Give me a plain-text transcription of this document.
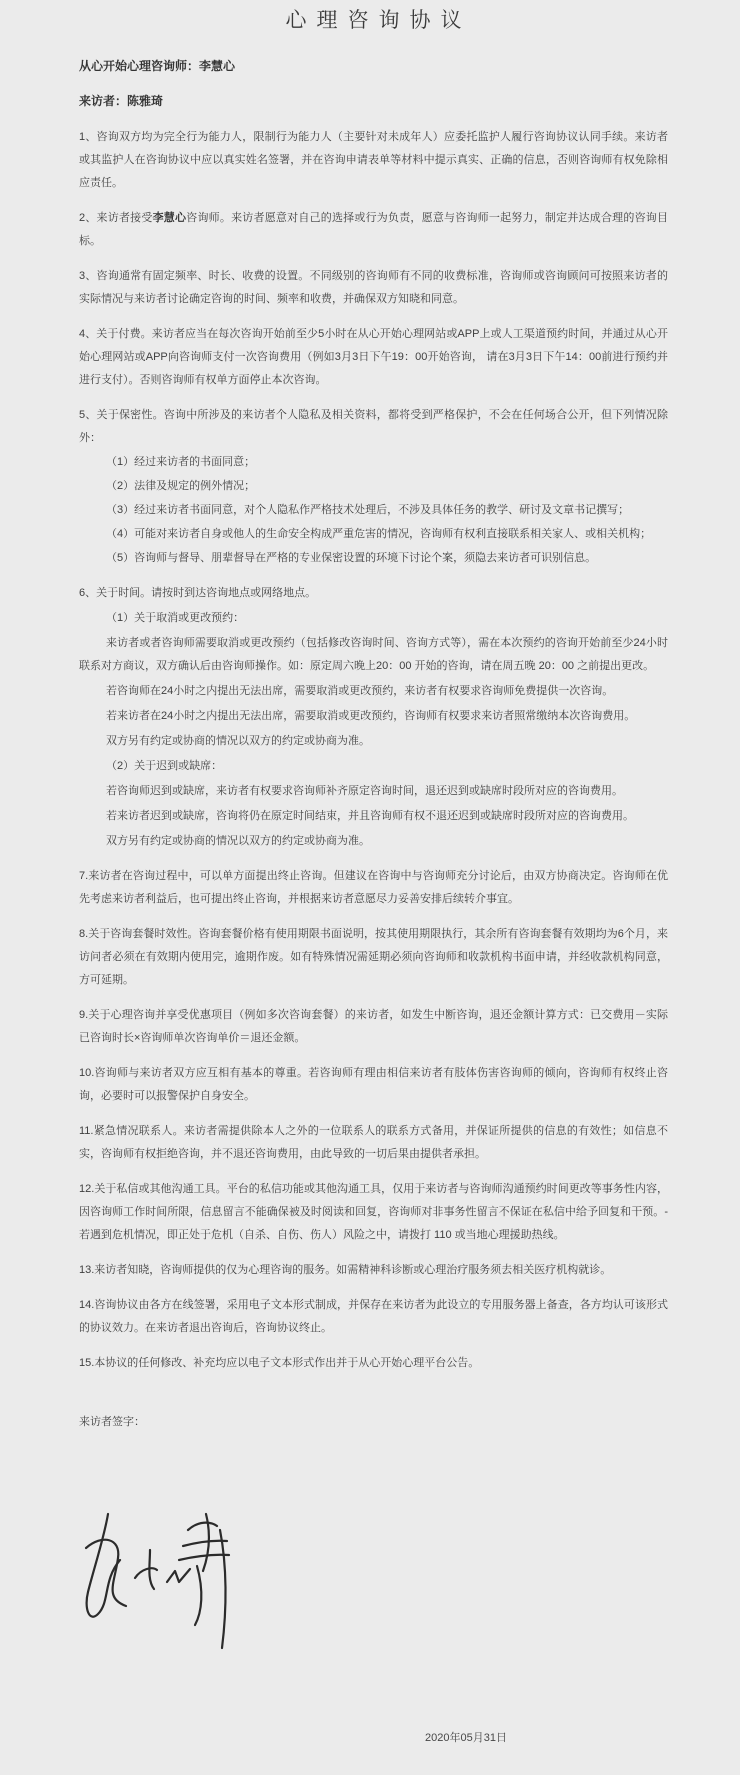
心理咨询协议

从心开始心理咨询师：李慧心

来访者：陈雅琦

1、咨询双方均为完全行为能力人，限制行为能力人（主要针对未成年人）应委托监护人履行咨询协议认同手续。来访者或其监护人在咨询协议中应以真实姓名签署，并在咨询申请表单等材料中提示真实、正确的信息，否则咨询师有权免除相应责任。

2、来访者接受李慧心咨询师。来访者愿意对自己的选择或行为负责，愿意与咨询师一起努力，制定并达成合理的咨询目标。

3、咨询通常有固定频率、时长、收费的设置。不同级别的咨询师有不同的收费标准，咨询师或咨询顾问可按照来访者的实际情况与来访者讨论确定咨询的时间、频率和收费，并确保双方知晓和同意。

4、关于付费。来访者应当在每次咨询开始前至少5小时在从心开始心理网站或APP上或人工渠道预约时间，并通过从心开始心理网站或APP向咨询师支付一次咨询费用（例如3月3日下午19：00开始咨询， 请在3月3日下午14：00前进行预约并进行支付）。否则咨询师有权单方面停止本次咨询。

5、关于保密性。咨询中所涉及的来访者个人隐私及相关资料，都将受到严格保护，不会在任何场合公开，但下列情况除外：

（1）经过来访者的书面同意；

（2）法律及规定的例外情况；

（3）经过来访者书面同意，对个人隐私作严格技术处理后，不涉及具体任务的教学、研讨及文章书记撰写；

（4）可能对来访者自身或他人的生命安全构成严重危害的情况，咨询师有权利直接联系相关家人、或相关机构；

（5）咨询师与督导、朋辈督导在严格的专业保密设置的环境下讨论个案，须隐去来访者可识别信息。

6、关于时间。请按时到达咨询地点或网络地点。

（1）关于取消或更改预约：

来访者或者咨询师需要取消或更改预约（包括修改咨询时间、咨询方式等），需在本次预约的咨询开始前至少24小时联系对方商议，双方确认后由咨询师操作。如：原定周六晚上20：00 开始的咨询，请在周五晚 20：00 之前提出更改。

若咨询师在24小时之内提出无法出席，需要取消或更改预约，来访者有权要求咨询师免费提供一次咨询。

若来访者在24小时之内提出无法出席，需要取消或更改预约，咨询师有权要求来访者照常缴纳本次咨询费用。

双方另有约定或协商的情况以双方的约定或协商为准。

（2）关于迟到或缺席：

若咨询师迟到或缺席，来访者有权要求咨询师补齐原定咨询时间，退还迟到或缺席时段所对应的咨询费用。

若来访者迟到或缺席，咨询将仍在原定时间结束，并且咨询师有权不退还迟到或缺席时段所对应的咨询费用。

双方另有约定或协商的情况以双方的约定或协商为准。

7.来访者在咨询过程中，可以单方面提出终止咨询。但建议在咨询中与咨询师充分讨论后，由双方协商决定。咨询师在优先考虑来访者利益后，也可提出终止咨询，并根据来访者意愿尽力妥善安排后续转介事宜。

8.关于咨询套餐时效性。咨询套餐价格有使用期限书面说明，按其使用期限执行，其余所有咨询套餐有效期均为6个月，来访问者必须在有效期内使用完，逾期作废。如有特殊情况需延期必须向咨询师和收款机构书面申请，并经收款机构同意，方可延期。

9.关于心理咨询并享受优惠项目（例如多次咨询套餐）的来访者，如发生中断咨询，退还金额计算方式：已交费用－实际已咨询时长×咨询师单次咨询单价＝退还金额。

10.咨询师与来访者双方应互相有基本的尊重。若咨询师有理由相信来访者有肢体伤害咨询师的倾向，咨询师有权终止咨询，必要时可以报警保护自身安全。

11.紧急情况联系人。来访者需提供除本人之外的一位联系人的联系方式备用，并保证所提供的信息的有效性；如信息不实，咨询师有权拒绝咨询，并不退还咨询费用，由此导致的一切后果由提供者承担。

12.关于私信或其他沟通工具。平台的私信功能或其他沟通工具，仅用于来访者与咨询师沟通预约时间更改等事务性内容，因咨询师工作时间所限，信息留言不能确保被及时阅读和回复，咨询师对非事务性留言不保证在私信中给予回复和干预。- 若遇到危机情况，即正处于危机（自杀、自伤、伤人）风险之中，请拨打 110 或当地心理援助热线。

13.来访者知晓，咨询师提供的仅为心理咨询的服务。如需精神科诊断或心理治疗服务须去相关医疗机构就诊。

14.咨询协议由各方在线签署，采用电子文本形式制成，并保存在来访者为此设立的专用服务器上备查，各方均认可该形式的协议效力。在来访者退出咨询后，咨询协议终止。

15.本协议的任何修改、补充均应以电子文本形式作出并于从心开始心理平台公告。

来访者签字：

2020年05月31日
